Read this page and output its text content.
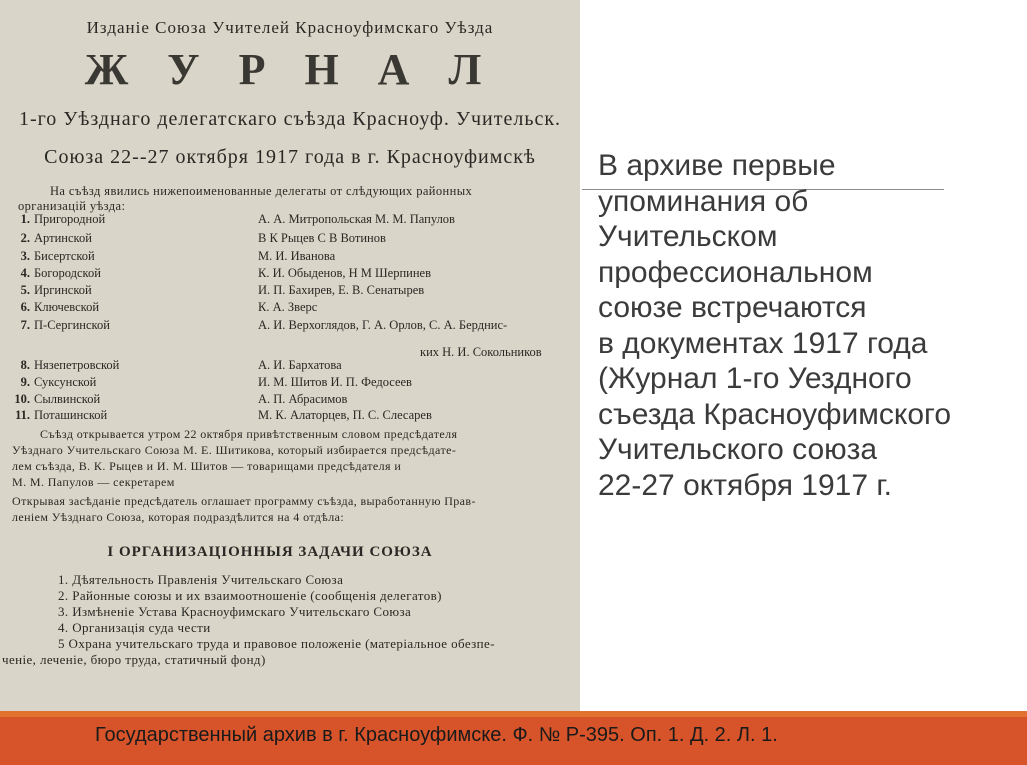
Изданіе Союза Учителей Красноуфимскаго Уѣзда
Ж У Р Н А Л
1-го Уѣзднаго делегатскаго съѣзда Красноуф. Учительск.
Союза 22--27 октября 1917 года в г. Красноуфимскѣ
На съѣзд явились нижепоименованные делегаты от слѣдующих районных
организацій уѣзда:
1. Пригородной	А. А. Митропольская М. М. Папулов
2. Артинской	В К Рыцев С В Вотинов
3. Бисертской	М. И. Иванова
4. Богородской	К. И. Обыденов, Н М Шерпинев
5. Иргинской	И. П. Бахирев, Е. В. Сенатырев
6. Ключевской	К. А. Зверс
7. П-Сергинской	А. И. Верхоглядов, Г. А. Орлов, С. А. Берднис-
ких Н. И. Сокольников
8. Нязепетровской	А. И. Бархатова
9. Суксунской	И. М. Шитов И. П. Федосеев
10. Сылвинской	А. П. Абрасимов
11. Поташинской	М. К. Алаторцев, П. С. Слесарев
Съѣзд открывается утром 22 октября привѣтственным словом предсѣдателя
Уѣзднаго Учительскаго Союза М. Е. Шитикова, который избирается предсѣдате-
лем съѣзда, В. К. Рыцев и И. М. Шитов — товарищами предсѣдателя и
М. М. Папулов — секретарем
Открывая засѣданіе предсѣдатель оглашает программу съѣзда, выработанную Прав-
леніем Уѣзднаго Союза, которая подраздѣлится на 4 отдѣла:
I ОРГАНИЗАЦІОННЫЯ ЗАДАЧИ СОЮЗА
1. Дѣятельность Правленія Учительскаго Союза
2. Районные союзы и их взаимоотношеніе (сообщенія делегатов)
3. Измѣненіе Устава Красноуфимскаго Учительскаго Союза
4. Организація суда чести
5 Охрана учительскаго труда и правовое положеніе (матеріальное обезпе-
ченіе, леченіе, бюро труда, статичный фонд)
В архиве первые
упоминания об
Учительском
профессиональном
союзе встречаются
в документах 1917 года
(Журнал 1-го Уездного
съезда Красноуфимского
Учительского союза
22-27 октября 1917 г.
Государственный архив в г. Красноуфимске. Ф. № Р-395. Оп. 1. Д. 2. Л. 1.
